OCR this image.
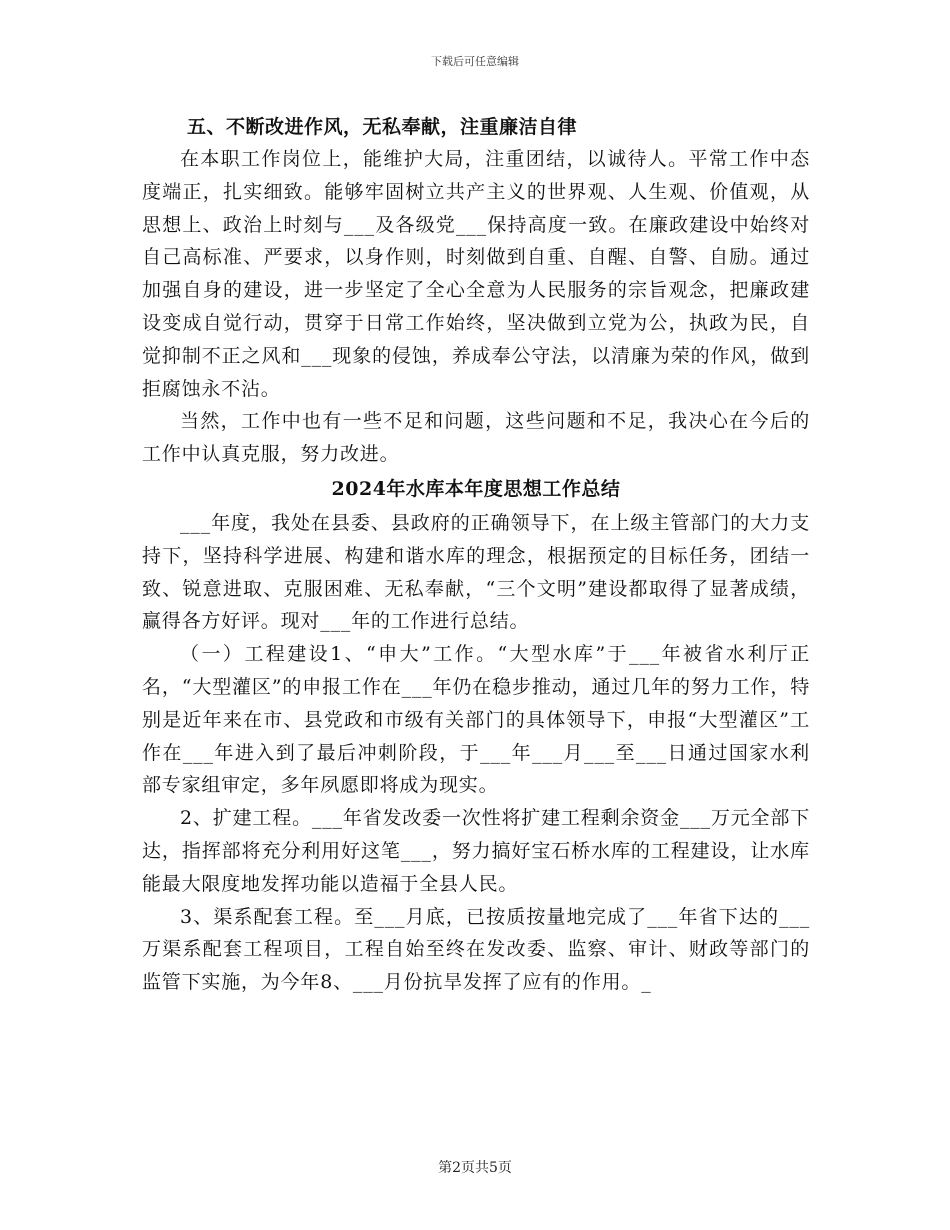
下载后可任意编辑
五、不断改进作风，无私奉献，注重廉洁自律

在本职工作岗位上，能维护大局，注重团结，以诚待人。平常工作中态度端正，扎实细致。能够牢固树立共产主义的世界观、人生观、价值观，从思想上、政治上时刻与___及各级党___保持高度一致。在廉政建设中始终对自己高标准、严要求，以身作则，时刻做到自重、自醒、自警、自励。通过加强自身的建设，进一步坚定了全心全意为人民服务的宗旨观念，把廉政建设变成自觉行动，贯穿于日常工作始终，坚决做到立党为公，执政为民，自觉抑制不正之风和___现象的侵蚀，养成奉公守法，以清廉为荣的作风，做到拒腐蚀永不沾。

当然，工作中也有一些不足和问题，这些问题和不足，我决心在今后的工作中认真克服，努力改进。

2024年水库本年度思想工作总结

___年度，我处在县委、县政府的正确领导下，在上级主管部门的大力支持下，坚持科学进展、构建和谐水库的理念，根据预定的目标任务，团结一致、锐意进取、克服困难、无私奉献，“三个文明”建设都取得了显著成绩，赢得各方好评。现对___年的工作进行总结。

（一）工程建设1、“申大”工作。“大型水库”于___年被省水利厅正名，“大型灌区”的申报工作在___年仍在稳步推动，通过几年的努力工作，特别是近年来在市、县党政和市级有关部门的具体领导下，申报“大型灌区”工作在___年进入到了最后冲刺阶段，于___年___月___至___日通过国家水利部专家组审定，多年夙愿即将成为现实。

2、扩建工程。___年省发改委一次性将扩建工程剩余资金___万元全部下达，指挥部将充分利用好这笔___，努力搞好宝石桥水库的工程建设，让水库能最大限度地发挥功能以造福于全县人民。

3、渠系配套工程。至___月底，已按质按量地完成了___年省下达的___万渠系配套工程项目，工程自始至终在发改委、监察、审计、财政等部门的监管下实施，为今年8、___月份抗旱发挥了应有的作用。_

第2页共5页
